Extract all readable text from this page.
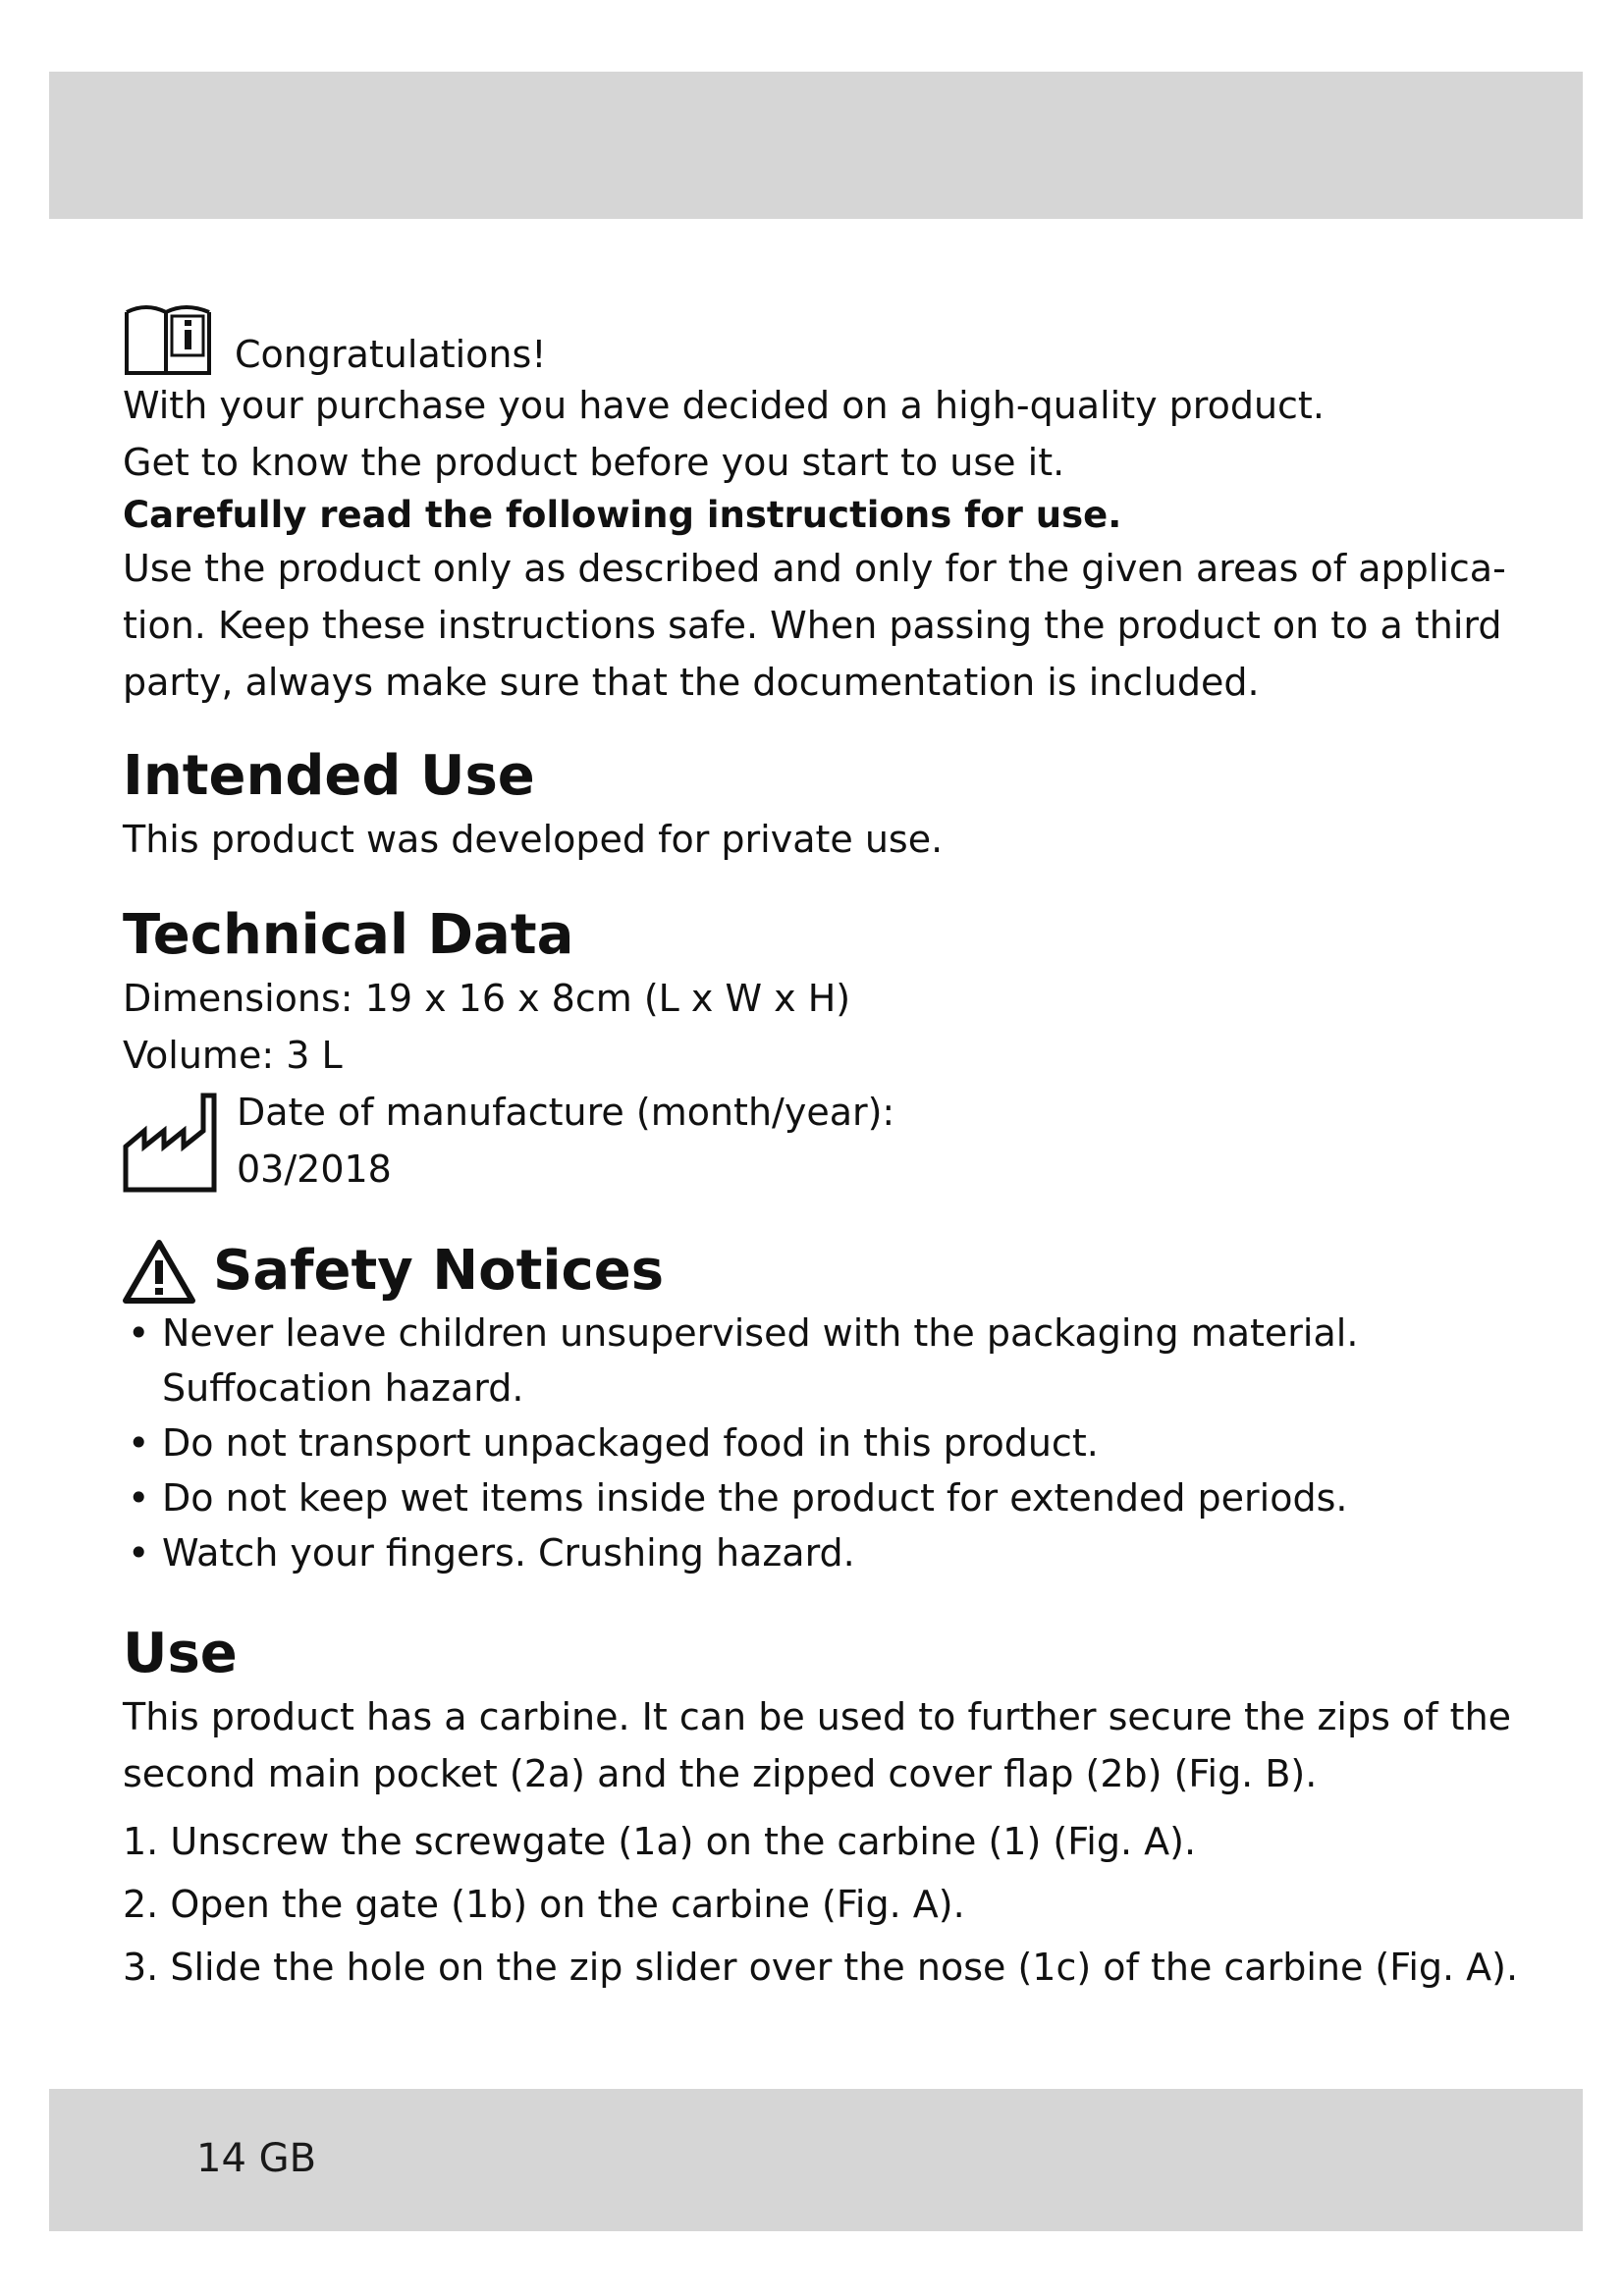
Congratulations!
With your purchase you have decided on a high-quality product.
Get to know the product before you start to use it.
Carefully read the following instructions for use.
Use the product only as described and only for the given areas of applica-
tion. Keep these instructions safe. When passing the product on to a third
party, always make sure that the documentation is included.
Intended Use
This product was developed for private use.
Technical Data
Dimensions: 19 x 16 x 8cm (L x W x H)
Volume: 3 L
Date of manufacture (month/year):
03/2018
Safety Notices
• Never leave children unsupervised with the packaging material.
Suffocation hazard.
• Do not transport unpackaged food in this product.
• Do not keep wet items inside the product for extended periods.
• Watch your fingers. Crushing hazard.
Use
This product has a carbine. It can be used to further secure the zips of the
second main pocket (2a) and the zipped cover flap (2b) (Fig. B).
1. Unscrew the screwgate (1a) on the carbine (1) (Fig. A).
2. Open the gate (1b) on the carbine (Fig. A).
3. Slide the hole on the zip slider over the nose (1c) of the carbine (Fig. A).
14 GB
